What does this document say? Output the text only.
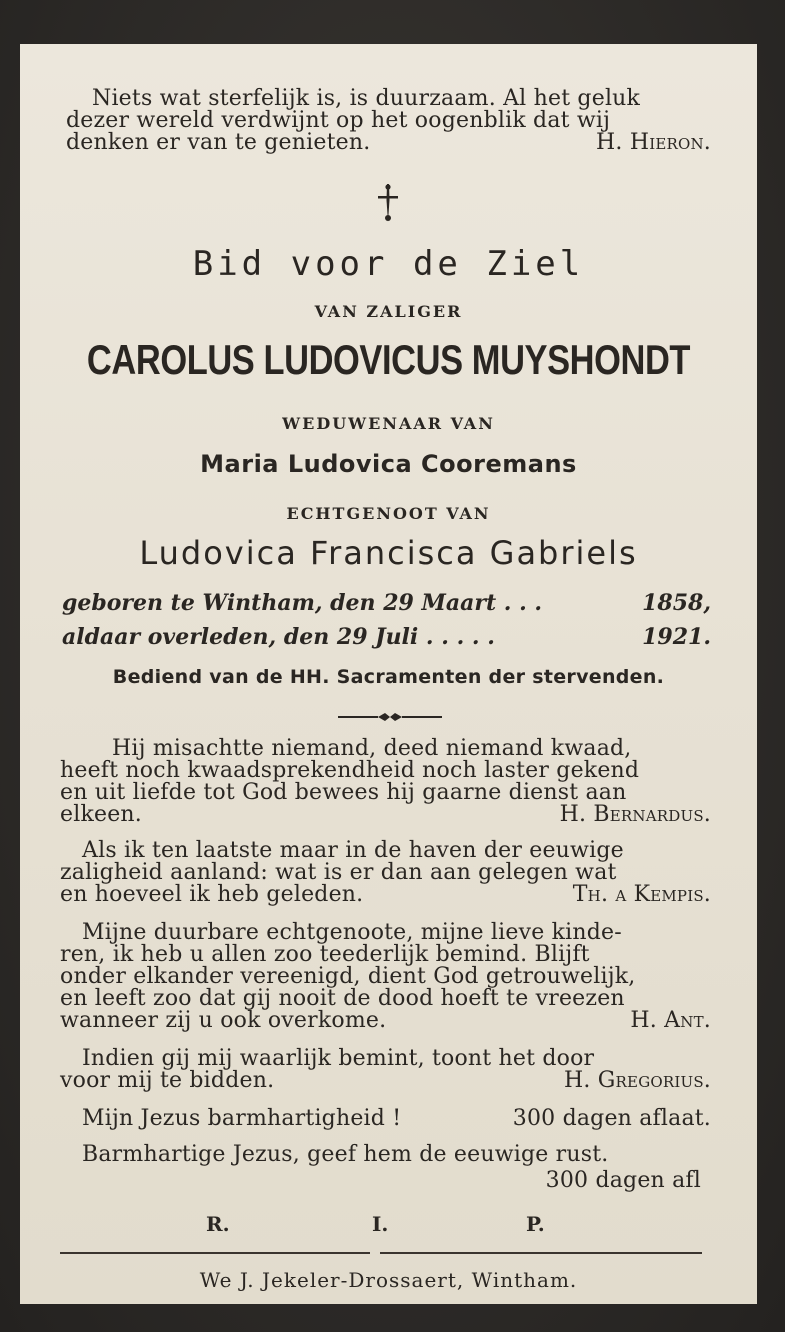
Niets wat sterfelijk is, is duurzaam. Al het geluk
dezer wereld verdwijnt op het oogenblik dat wij
denken er van te genieten.	H. Hieron.
Bid voor de Ziel
VAN ZALIGER
CAROLUS LUDOVICUS MUYSHONDT
WEDUWENAAR VAN
Maria Ludovica Cooremans
ECHTGENOOT VAN
Ludovica Francisca Gabriels
geboren te Wintham, den 29 Maart . . .	1858,
aldaar overleden, den 29 Juli . . . . .	1921.
Bediend van de HH. Sacramenten der stervenden.
Hij misachtte niemand, deed niemand kwaad,
heeft noch kwaadsprekendheid noch laster gekend
en uit liefde tot God bewees hij gaarne dienst aan
elkeen.	H. Bernardus.
Als ik ten laatste maar in de haven der eeuwige
zaligheid aanland: wat is er dan aan gelegen wat
en hoeveel ik heb geleden.	Th. a Kempis.
Mijne duurbare echtgenoote, mijne lieve kinde-
ren, ik heb u allen zoo teederlijk bemind. Blijft
onder elkander vereenigd, dient God getrouwelijk,
en leeft zoo dat gij nooit de dood hoeft te vreezen
wanneer zij u ook overkome.	H. Ant.
Indien gij mij waarlijk bemint, toont het door
voor mij te bidden.	H. Gregorius.
Mijn Jezus barmhartigheid !	300 dagen aflaat.
Barmhartige Jezus, geef hem de eeuwige rust.
300 dagen afl
R.	I.	P.
We J. Jekeler-Drossaert, Wintham.
